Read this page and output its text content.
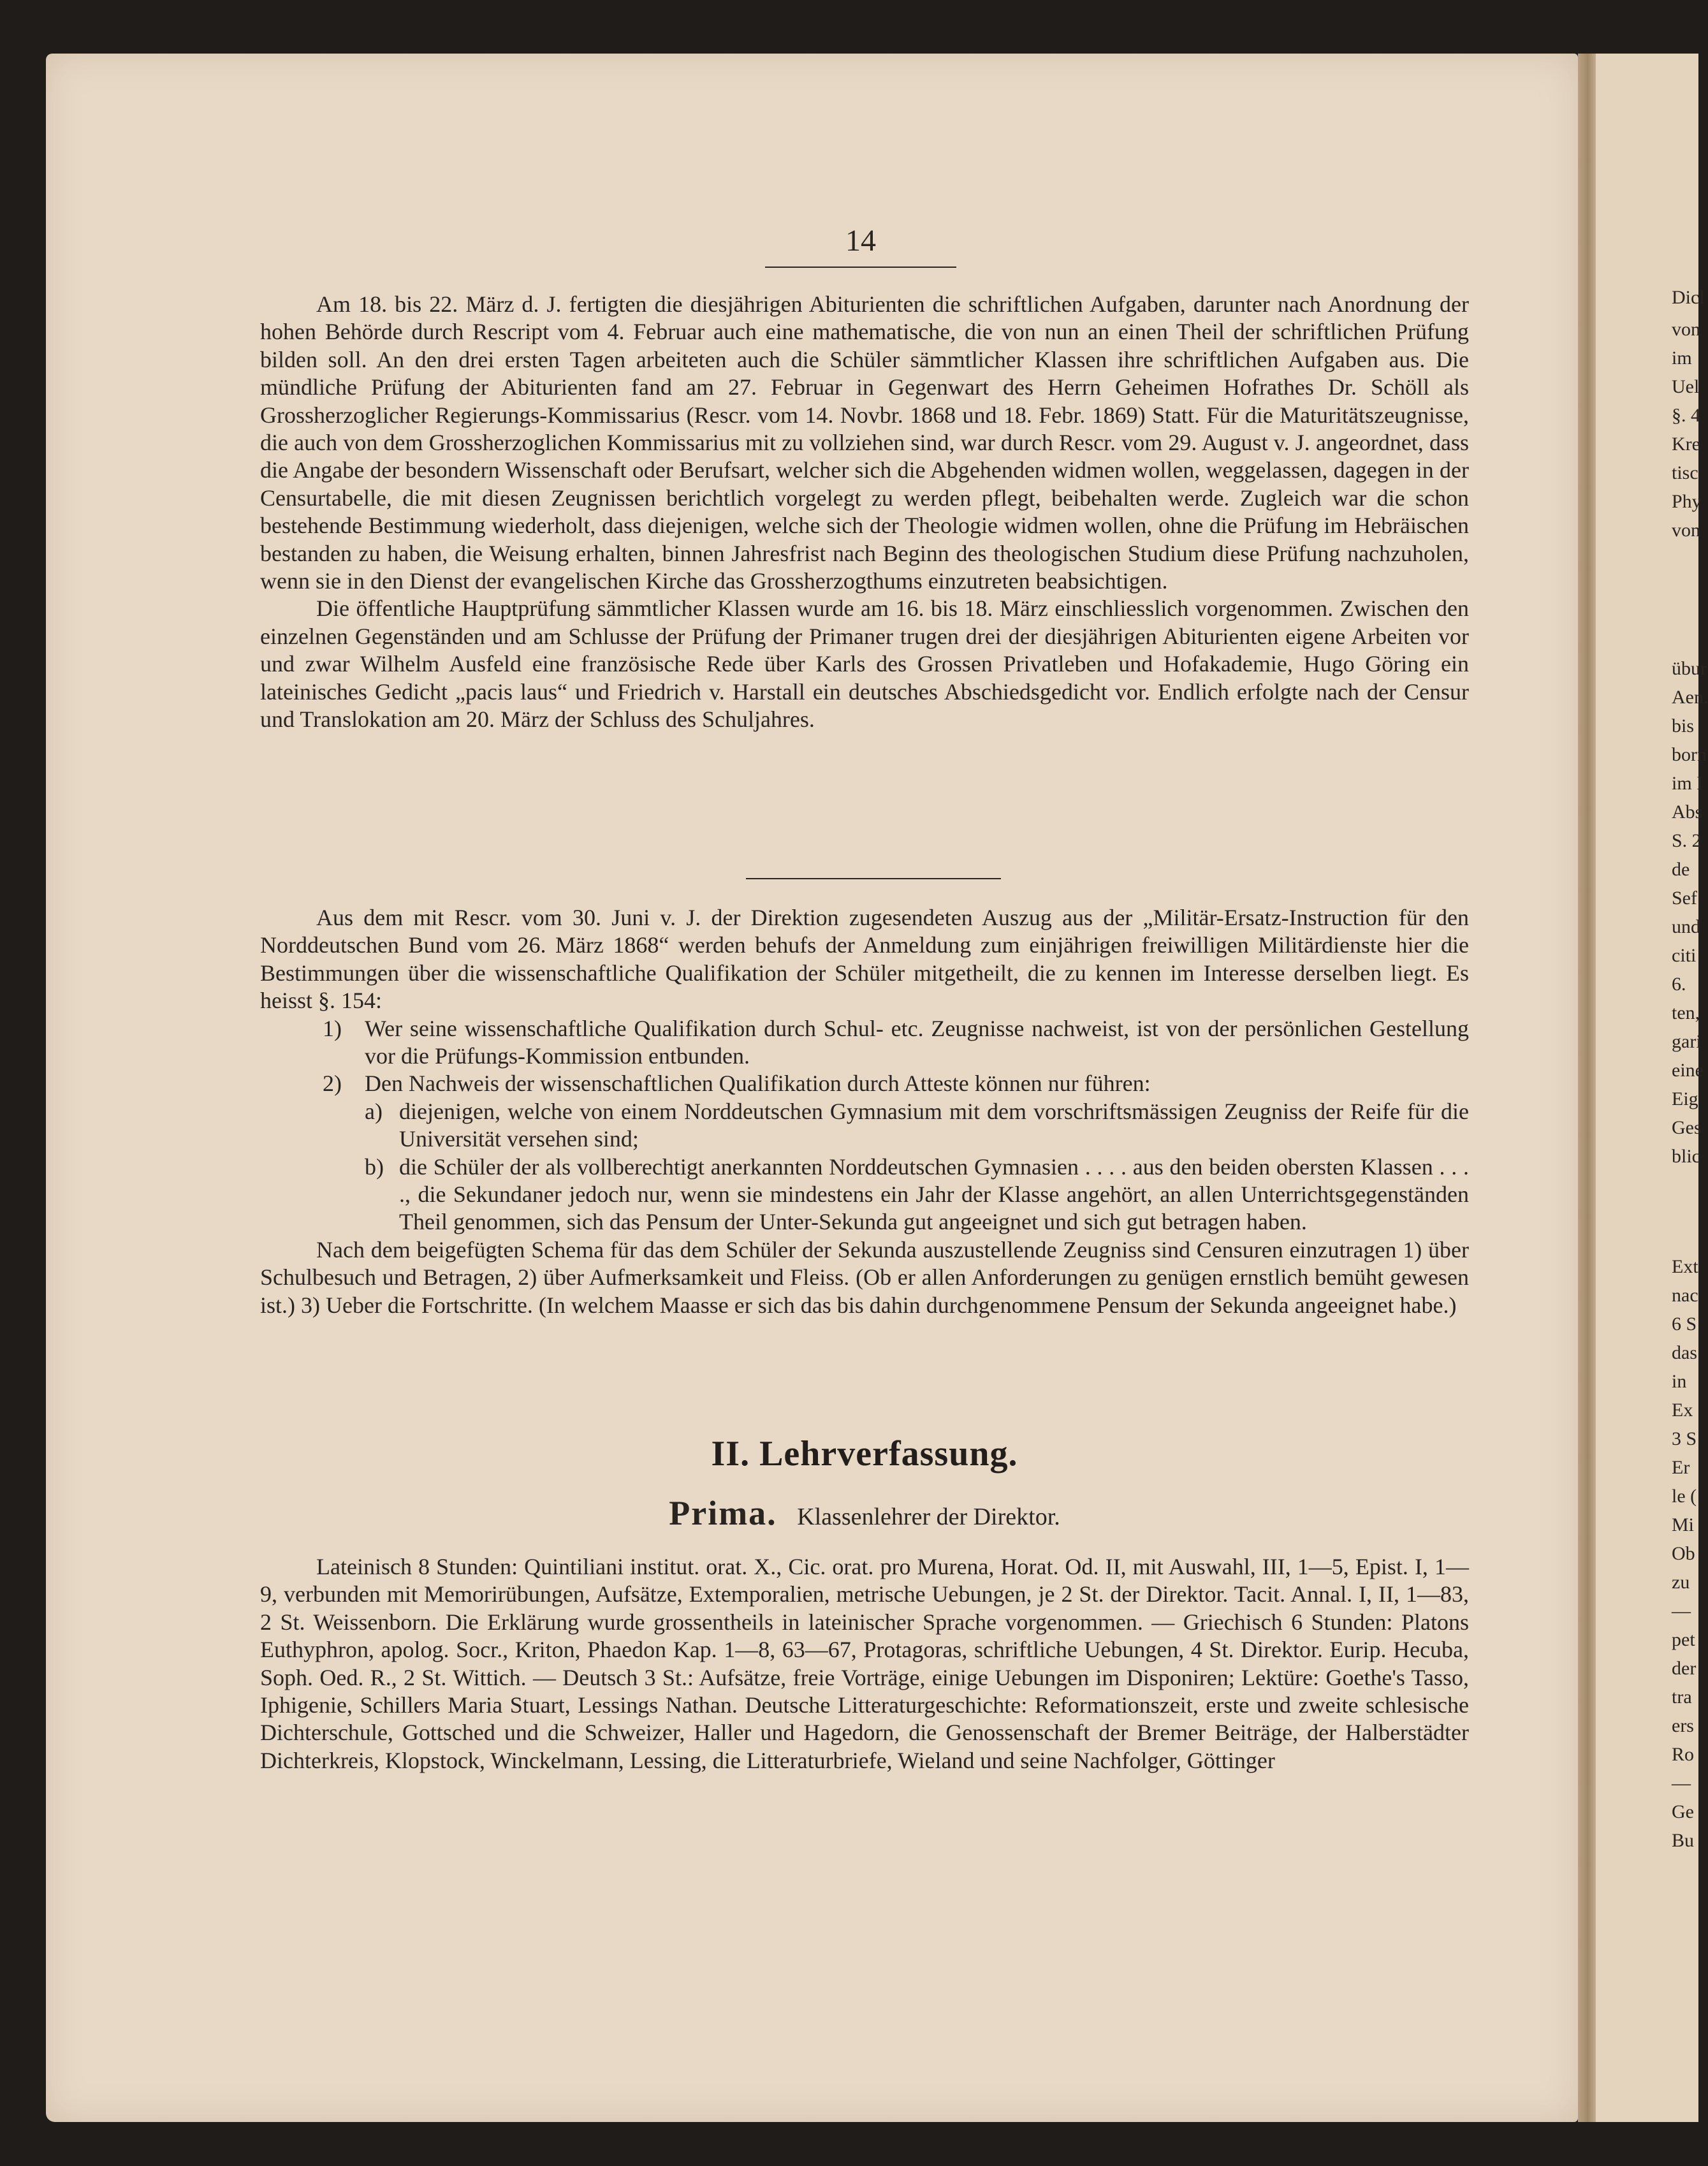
14

Am 18. bis 22. März d. J. fertigten die diesjährigen Abiturienten die schriftlichen Aufgaben, darunter nach Anordnung der hohen Behörde durch Rescript vom 4. Februar auch eine mathematische, die von nun an einen Theil der schriftlichen Prüfung bilden soll. An den drei ersten Tagen arbeiteten auch die Schüler sämmtlicher Klassen ihre schriftlichen Aufgaben aus. Die mündliche Prüfung der Abiturienten fand am 27. Februar in Gegenwart des Herrn Geheimen Hofrathes Dr. Schöll als Grossherzoglicher Regierungs-Kommissarius (Rescr. vom 14. Novbr. 1868 und 18. Febr. 1869) Statt. Für die Maturitätszeugnisse, die auch von dem Grossherzoglichen Kommissarius mit zu vollziehen sind, war durch Rescr. vom 29. August v. J. angeordnet, dass die Angabe der besondern Wissenschaft oder Berufsart, welcher sich die Abgehenden widmen wollen, weggelassen, dagegen in der Censurtabelle, die mit diesen Zeugnissen berichtlich vorgelegt zu werden pflegt, beibehalten werde. Zugleich war die schon bestehende Bestimmung wiederholt, dass diejenigen, welche sich der Theologie widmen wollen, ohne die Prüfung im Hebräischen bestanden zu haben, die Weisung erhalten, binnen Jahresfrist nach Beginn des theologischen Studium diese Prüfung nachzuholen, wenn sie in den Dienst der evangelischen Kirche das Grossherzogthums einzutreten beabsichtigen.

Die öffentliche Hauptprüfung sämmtlicher Klassen wurde am 16. bis 18. März einschliesslich vorgenommen. Zwischen den einzelnen Gegenständen und am Schlusse der Prüfung der Primaner trugen drei der diesjährigen Abiturienten eigene Arbeiten vor und zwar Wilhelm Ausfeld eine französische Rede über Karls des Grossen Privatleben und Hofakademie, Hugo Göring ein lateinisches Gedicht „pacis laus“ und Friedrich v. Harstall ein deutsches Abschiedsgedicht vor. Endlich erfolgte nach der Censur und Translokation am 20. März der Schluss des Schuljahres.

Aus dem mit Rescr. vom 30. Juni v. J. der Direktion zugesendeten Auszug aus der „Militär-Ersatz-Instruction für den Norddeutschen Bund vom 26. März 1868“ werden behufs der Anmeldung zum einjährigen freiwilligen Militärdienste hier die Bestimmungen über die wissenschaftliche Qualifikation der Schüler mitgetheilt, die zu kennen im Interesse derselben liegt. Es heisst §. 154:

1) Wer seine wissenschaftliche Qualifikation durch Schul- etc. Zeugnisse nachweist, ist von der persönlichen Gestellung vor die Prüfungs-Kommission entbunden.
2) Den Nachweis der wissenschaftlichen Qualifikation durch Atteste können nur führen:
a) diejenigen, welche von einem Norddeutschen Gymnasium mit dem vorschriftsmässigen Zeugniss der Reife für die Universität versehen sind;
b) die Schüler der als vollberechtigt anerkannten Norddeutschen Gymnasien . . . . aus den beiden obersten Klassen . . . ., die Sekundaner jedoch nur, wenn sie mindestens ein Jahr der Klasse angehört, an allen Unterrichtsgegenständen Theil genommen, sich das Pensum der Unter-Sekunda gut angeeignet und sich gut betragen haben.

Nach dem beigefügten Schema für das dem Schüler der Sekunda auszustellende Zeugniss sind Censuren einzutragen 1) über Schulbesuch und Betragen, 2) über Aufmerksamkeit und Fleiss. (Ob er allen Anforderungen zu genügen ernstlich bemüht gewesen ist.) 3) Ueber die Fortschritte. (In welchem Maasse er sich das bis dahin durchgenommene Pensum der Sekunda angeeignet habe.)

II. Lehrverfassung.
Prima. Klassenlehrer der Direktor.

Lateinisch 8 Stunden: Quintiliani institut. orat. X., Cic. orat. pro Murena, Horat. Od. II, mit Auswahl, III, 1—5, Epist. I, 1—9, verbunden mit Memorirübungen, Aufsätze, Extemporalien, metrische Uebungen, je 2 St. der Direktor. Tacit. Annal. I, II, 1—83, 2 St. Weissenborn. Die Erklärung wurde grossentheils in lateinischer Sprache vorgenommen. — Griechisch 6 Stunden: Platons Euthyphron, apolog. Socr., Kriton, Phaedon Kap. 1—8, 63—67, Protagoras, schriftliche Uebungen, 4 St. Direktor. Eurip. Hecuba, Soph. Oed. R., 2 St. Wittich. — Deutsch 3 St.: Aufsätze, freie Vorträge, einige Uebungen im Disponiren; Lektüre: Goethe's Tasso, Iphigenie, Schillers Maria Stuart, Lessings Nathan. Deutsche Litteraturgeschichte: Reformationszeit, erste und zweite schlesische Dichterschule, Gottsched und die Schweizer, Haller und Hagedorn, die Genossenschaft der Bremer Beiträge, der Halberstädter Dichterkreis, Klopstock, Winckelmann, Lessing, die Litteraturbriefe, Wieland und seine Nachfolger, Göttinger

Dicl
von
im
Uel
§. 4
Kre
tisc
Phy
von
übur
Aen.
bis
born
im I
Abs
S. 2
de
Sef
und
citi
6.
ten,
gari
eine
Eig
Ges
blic
Ext
nac
6 S
das
in
Ex
3 S
Er
le (
Mi
Ob
zu
—
pet
der
tra
ers
Ro
—
Ge
Bu
